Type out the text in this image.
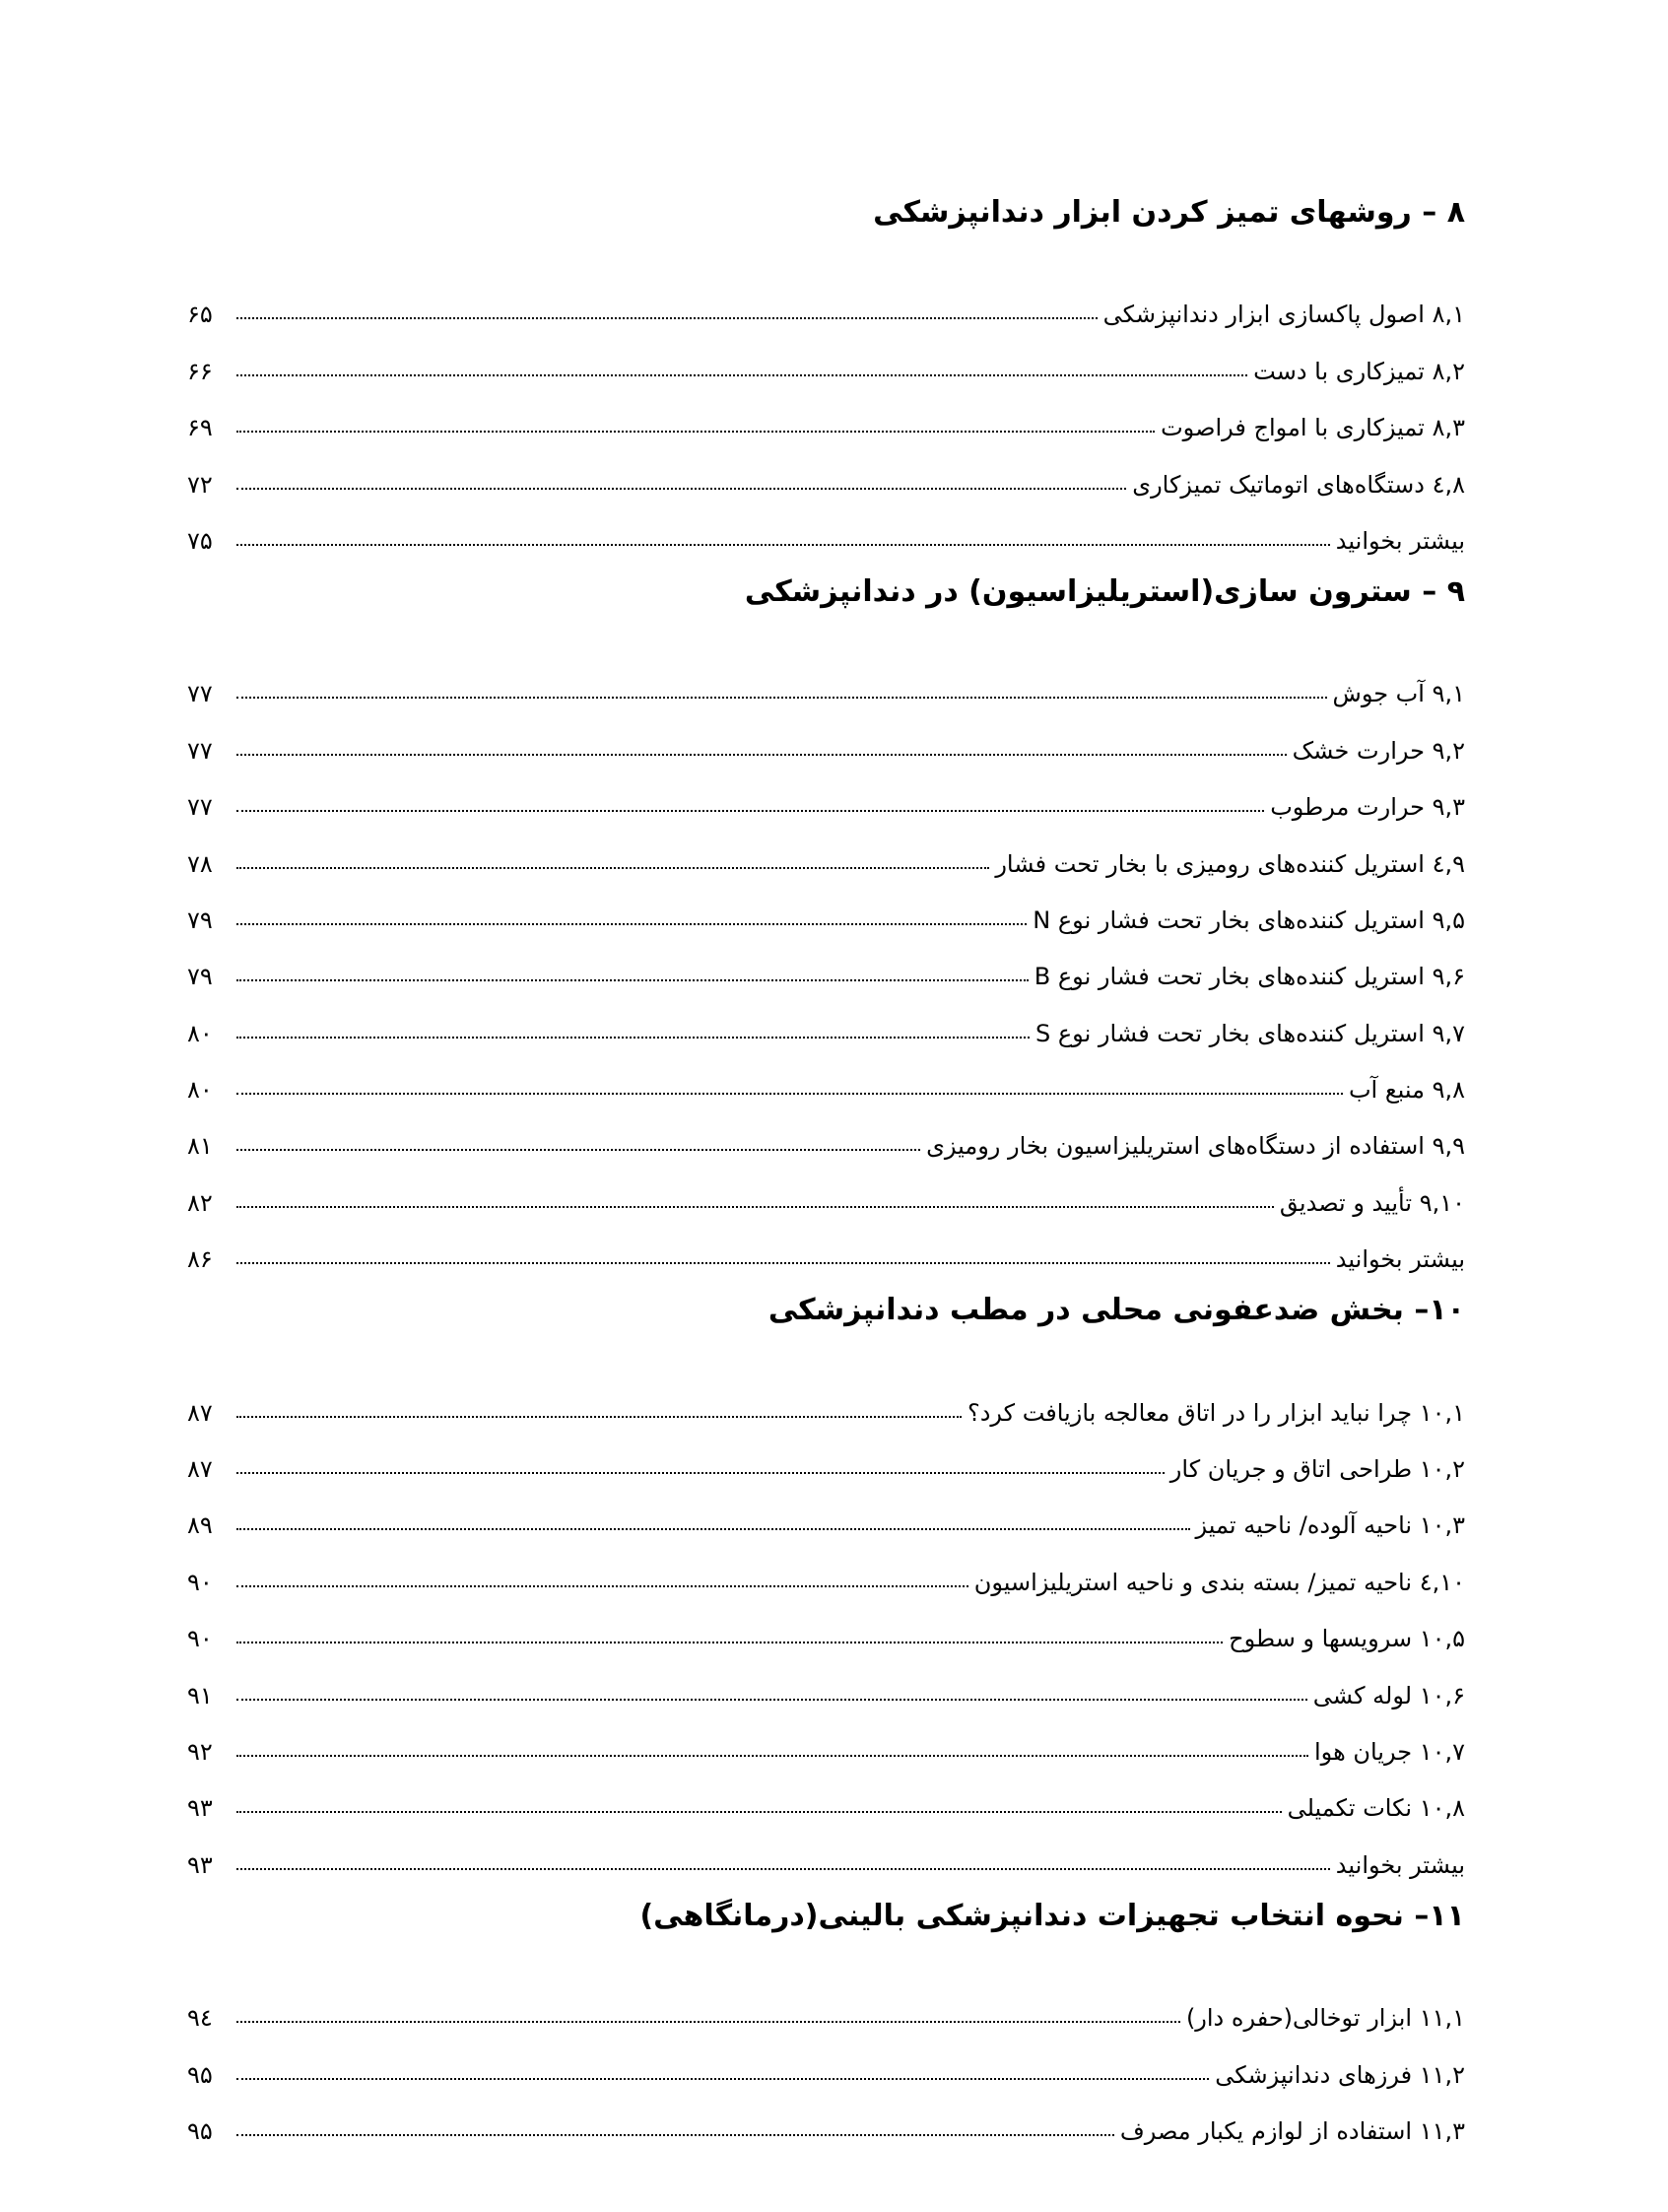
۸ – روشهای تمیز کردن ابزار دندانپزشکی
۸,۱ اصول پاکسازی ابزار دندانپزشکی
۶۵
۸,۲ تمیزکاری با دست
۶۶
۸,۳ تمیزکاری با امواج فراصوت
۶۹
۸,٤ دستگاه‌های اتوماتیک تمیزکاری
۷۲
بیشتر بخوانید
۷۵
۹ – سترون سازی(استریلیزاسیون) در دندانپزشکی
۹,۱ آب جوش
۷۷
۹,۲ حرارت خشک
۷۷
۹,۳ حرارت مرطوب
۷۷
۹,٤ استریل کننده‌های رومیزی با بخار تحت فشار
۷۸
۹,۵ استریل کننده‌های بخار تحت فشار نوع N
۷۹
۹,۶ استریل کننده‌های بخار تحت فشار نوع B
۷۹
۹,۷ استریل کننده‌های بخار تحت فشار نوع S
۸۰
۹,۸ منبع آب
۸۰
۹,۹ استفاده از دستگاه‌های استریلیزاسیون بخار رومیزی
۸۱
۹,۱۰ تأیید و تصدیق
۸۲
بیشتر بخوانید
۸۶
۱۰– بخش ضدعفونی محلی در مطب دندانپزشکی
۱۰,۱ چرا نباید ابزار را در اتاق معالجه بازیافت کرد؟
۸۷
۱۰,۲ طراحی اتاق و جریان کار
۸۷
۱۰,۳ ناحیه آلوده/ ناحیه تمیز
۸۹
۱۰,٤ ناحیه تمیز/ بسته بندی و ناحیه استریلیزاسیون
۹۰
۱۰,۵ سرویسها و سطوح
۹۰
۱۰,۶ لوله کشی
۹۱
۱۰,۷ جریان هوا
۹۲
۱۰,۸ نکات تکمیلی
۹۳
بیشتر بخوانید
۹۳
۱۱– نحوه انتخاب تجهیزات دندانپزشکی بالینی(درمانگاهی)
۱۱,۱ ابزار توخالی(حفره دار)
۹٤
۱۱,۲ فرزهای دندانپزشکی
۹۵
۱۱,۳ استفاده از لوازم یکبار مصرف
۹۵
